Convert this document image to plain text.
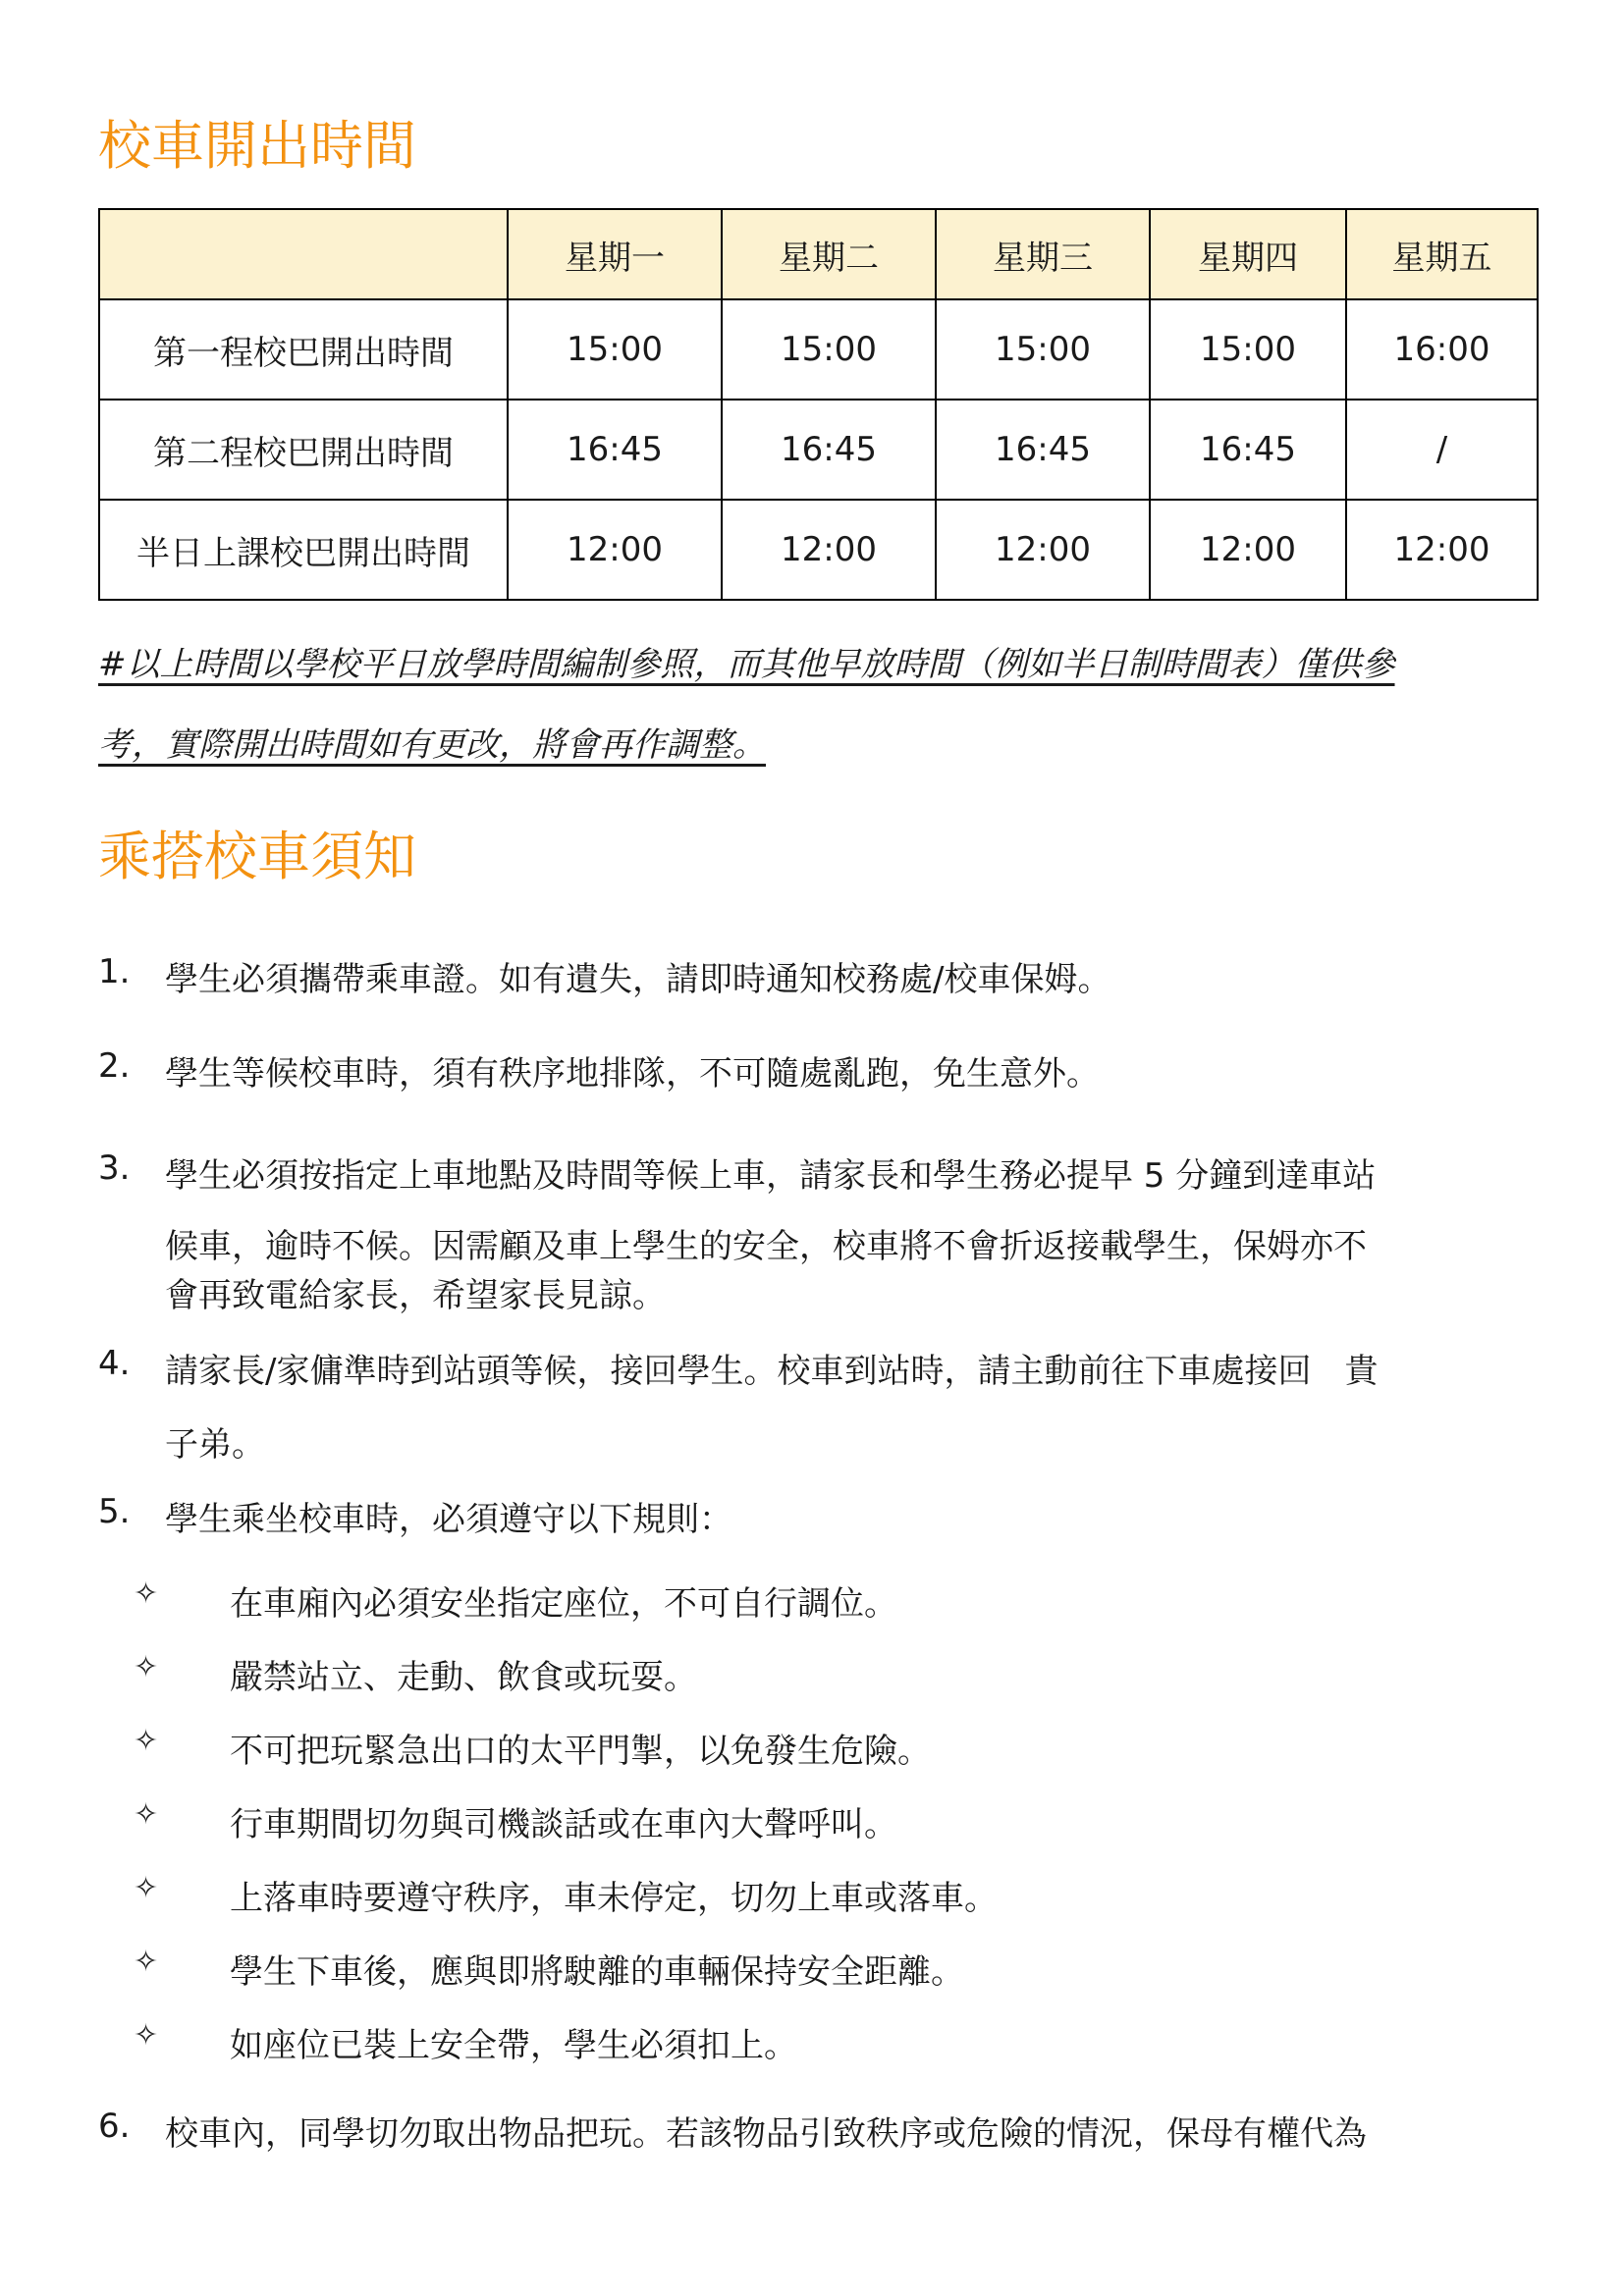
校車開出時間
	星期一	星期二	星期三	星期四	星期五
第一程校巴開出時間	15:00	15:00	15:00	15:00	16:00
第二程校巴開出時間	16:45	16:45	16:45	16:45	/
半日上課校巴開出時間	12:00	12:00	12:00	12:00	12:00

#以上時間以學校平日放學時間編制參照，而其他早放時間（例如半日制時間表）僅供參
考，實際開出時間如有更改，將會再作調整。

乘搭校車須知
1.	學生必須攜帶乘車證。如有遺失，請即時通知校務處/校車保姆。
2.	學生等候校車時，須有秩序地排隊，不可隨處亂跑，免生意外。
3.	學生必須按指定上車地點及時間等候上車，請家長和學生務必提早 5 分鐘到達車站
候車，逾時不候。因需顧及車上學生的安全，校車將不會折返接載學生，保姆亦不
會再致電給家長，希望家長見諒。
4.	請家長/家傭準時到站頭等候，接回學生。校車到站時，請主動前往下車處接回　貴
子弟。
5.	學生乘坐校車時，必須遵守以下規則：
✧	在車廂內必須安坐指定座位，不可自行調位。
✧	嚴禁站立、走動、飲食或玩耍。
✧	不可把玩緊急出口的太平門掣，以免發生危險。
✧	行車期間切勿與司機談話或在車內大聲呼叫。
✧	上落車時要遵守秩序，車未停定，切勿上車或落車。
✧	學生下車後，應與即將駛離的車輛保持安全距離。
✧	如座位已裝上安全帶，學生必須扣上。
6.	校車內，同學切勿取出物品把玩。若該物品引致秩序或危險的情況，保母有權代為
